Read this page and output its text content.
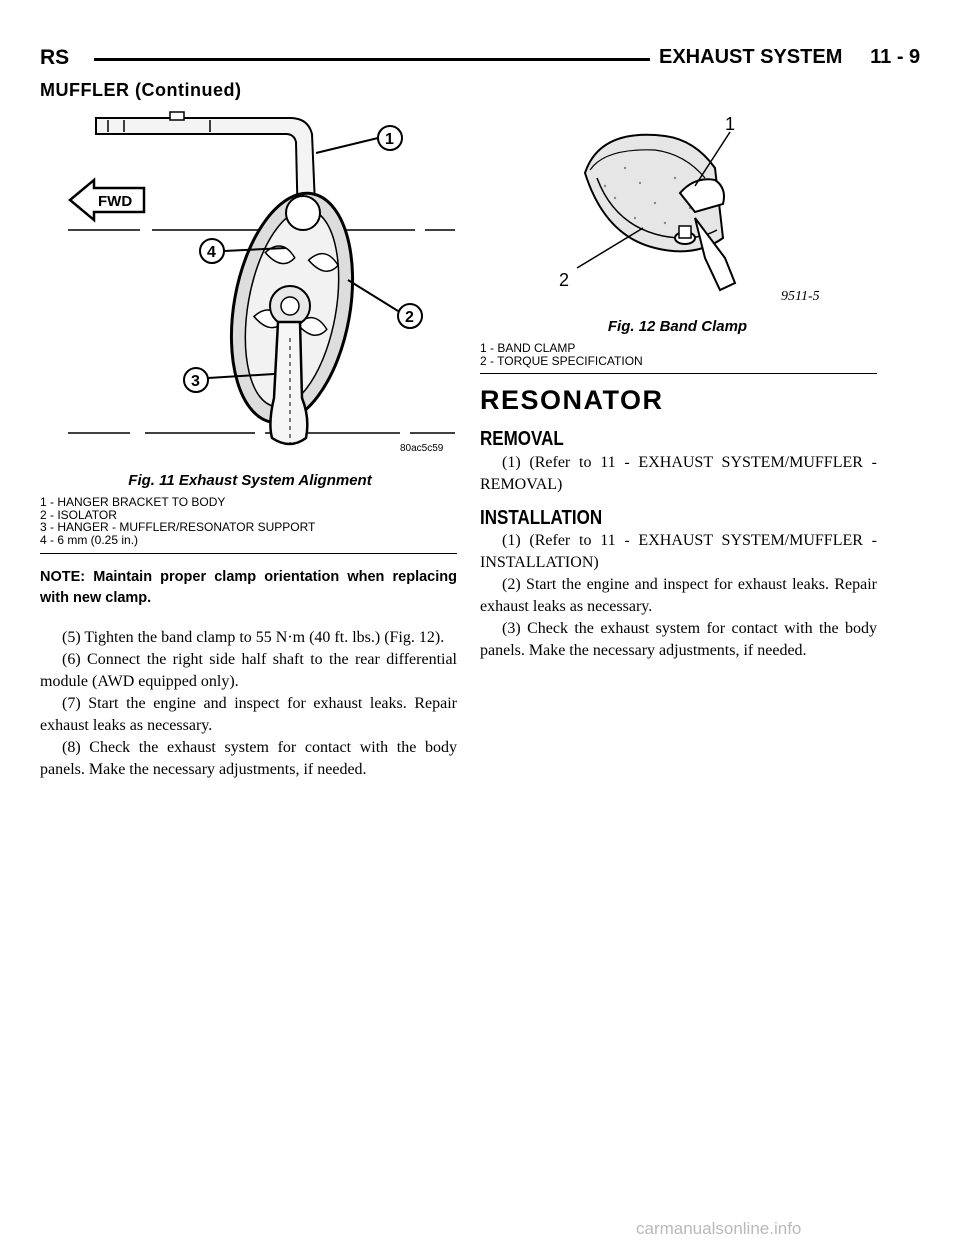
RS	EXHAUST SYSTEM     11 - 9
MUFFLER (Continued)
FWD
1
4
2
3
80ac5c59
Fig. 11 Exhaust System Alignment
1 - HANGER BRACKET TO BODY
2 - ISOLATOR
3 - HANGER - MUFFLER/RESONATOR SUPPORT
4 - 6 mm (0.25 in.)
NOTE: Maintain proper clamp orientation when replacing with new clamp.

(5) Tighten the band clamp to 55 N·m (40 ft. lbs.) (Fig. 12).

(6) Connect the right side half shaft to the rear differential module (AWD equipped only).

(7) Start the engine and inspect for exhaust leaks. Repair exhaust leaks as necessary.

(8) Check the exhaust system for contact with the body panels. Make the necessary adjustments, if needed.

1
2
9511-5
Fig. 12 Band Clamp
1 - BAND CLAMP
2 - TORQUE SPECIFICATION
RESONATOR
REMOVAL

(1) (Refer to 11 - EXHAUST SYSTEM/MUFFLER - REMOVAL)

INSTALLATION

(1) (Refer to 11 - EXHAUST SYSTEM/MUFFLER - INSTALLATION)

(2) Start the engine and inspect for exhaust leaks. Repair exhaust leaks as necessary.

(3) Check the exhaust system for contact with the body panels. Make the necessary adjustments, if needed.

carmanualsonline.info
